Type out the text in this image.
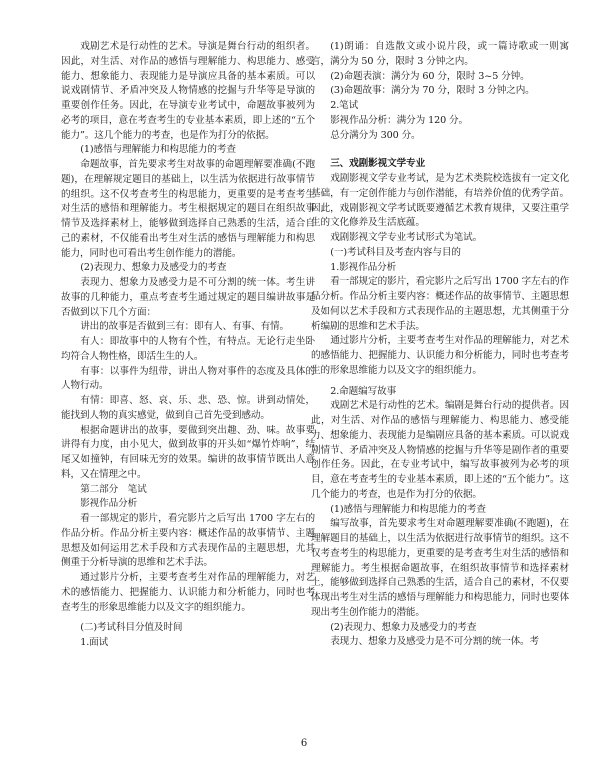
戏剧艺术是行动性的艺术。导演是舞台行动的组织者。因此，对生活、对作品的感悟与理解能力、构思能力、感受能力、想象能力、表现能力是导演应具备的基本素质。可以说戏剧情节、矛盾冲突及人物情感的挖掘与升华等是导演的重要创作任务。因此，在导演专业考试中，命题故事被列为必考的项目，意在考查考生的专业基本素质，即上述的“五个能力”。这几个能力的考查，也是作为打分的依据。

(1)感悟与理解能力和构思能力的考查

命题故事，首先要求考生对故事的命题理解要准确(不跑题)，在理解规定题目的基础上，以生活为依据进行故事情节的组织。这不仅考查考生的构思能力，更重要的是考查考生对生活的感悟和理解能力。考生根据规定的题目在组织故事情节及选择素材上，能够做到选择自己熟悉的生活，适合自己的素材，不仅能看出考生对生活的感悟与理解能力和构思能力，同时也可看出考生创作能力的潜能。

(2)表现力、想象力及感受力的考查

表现力、想象力及感受力是不可分割的统一体。考生讲故事的几种能力，重点考查考生通过规定的题目编讲故事是否做到以下几个方面：

讲出的故事是否做到三有：即有人、有事、有情。

有人：即故事中的人物有个性，有特点。无论行走坐卧均符合人物性格，即活生生的人。

有事：以事件为纽带，讲出人物对事件的态度及具体的人物行动。

有情：即喜、怒、哀、乐、悲、恐、惊。讲到动情处，能找到人物的真实感觉，做到自己首先受到感动。

根据命题讲出的故事，要做到突出趣、劲、味。故事要讲得有力度，由小见大，做到故事的开头如“爆竹炸响”，结尾又如撞钟，有回味无穷的效果。编讲的故事情节既出人意料，又在情理之中。

第二部分　笔试

影视作品分析

看一部规定的影片，看完影片之后写出 1700 字左右的作品分析。作品分析主要内容：概述作品的故事情节、主题思想及如何运用艺术手段和方式表现作品的主题思想，尤其侧重于分析导演的思维和艺术手法。

通过影片分析，主要考查考生对作品的理解能力，对艺术的感悟能力、把握能力、认识能力和分析能力，同时也考查考生的形象思维能力以及文字的组织能力。

(二)考试科目分值及时间

1.面试

(1)朗诵：自选散文或小说片段，或一篇诗歌或一则寓言，满分为 50 分，限时 3 分钟之内。

(2)命题表演：满分为 60 分，限时 3~5 分钟。

(3)命题故事：满分为 70 分，限时 3 分钟之内。

2.笔试

影视作品分析：满分为 120 分。

总分满分为 300 分。

三、戏剧影视文学专业

戏剧影视文学专业考试，是为艺术类院校选拔有一定文化基础，有一定创作能力与创作潜能，有培养价值的优秀学苗。因此，戏剧影视文学考试既要遵循艺术教育规律，又要注重学生的文化修养及生活底蕴。

戏剧影视文学专业考试形式为笔试。

(一)考试科目及考查内容与目的

1.影视作品分析

看一部规定的影片，看完影片之后写出 1700 字左右的作品分析。作品分析主要内容：概述作品的故事情节、主题思想及如何以艺术手段和方式表现作品的主题思想，尤其侧重于分析编剧的思维和艺术手法。

通过影片分析，主要考查考生对作品的理解能力，对艺术的感悟能力、把握能力、认识能力和分析能力，同时也考查考生的形象思维能力以及文字的组织能力。

2.命题编写故事

戏剧艺术是行动性的艺术。编剧是舞台行动的提供者。因此，对生活、对作品的感悟与理解能力、构思能力、感受能力、想象能力、表现能力是编剧应具备的基本素质。可以说戏剧情节、矛盾冲突及人物情感的挖掘与升华等是剧作者的重要创作任务。因此，在专业考试中，编写故事被列为必考的项目，意在考查考生的专业基本素质，即上述的“五个能力”。这几个能力的考查，也是作为打分的依据。

(1)感悟与理解能力和构思能力的考查

编写故事，首先要求考生对命题理解要准确(不跑题)，在理解题目的基础上，以生活为依据进行故事情节的组织。这不仅考查考生的构思能力，更重要的是考查考生对生活的感悟和理解能力。考生根据命题故事，在组织故事情节和选择素材上，能够做到选择自己熟悉的生活，适合自己的素材，不仅要体现出考生对生活的感悟与理解能力和构思能力，同时也要体现出考生创作能力的潜能。

(2)表现力、想象力及感受力的考查

表现力、想象力及感受力是不可分割的统一体。考

6
